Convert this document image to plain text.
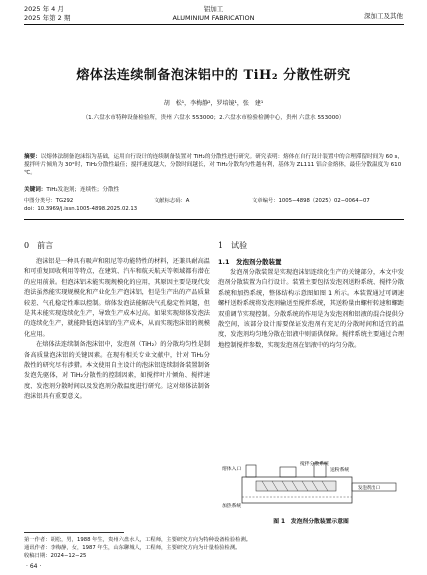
2025 年 4 月
2025 年第 2 期
铝加工
ALUMINIUM FABRICATION	深加工及其他
熔体法连续制备泡沫铝中的 TiH₂ 分散性研究
胡　松¹，李梅静²，罗培镜¹，张　建¹
（1.六盘水市特种设备检验所，贵州 六盘水 553000；2.六盘水市检验检测中心，贵州 六盘水 553000）
摘要：以熔体法制备泡沫铝为基础，运用自行设计的连续制备装置对 TiH₂的分散性进行研究。研究表明：熔体在自行设计装置中的合理滞留时间为 60 s，搅拌叶片倾角为 30°时，TiH₂分散性最佳；搅拌速度越大，分散时间越长，对 TiH₂分散均匀性越有利，基体为 ZL111 铝合金熔体，最佳分散温度为 610 ℃。
关键词：TiH₂发泡剂；连续性；分散性
中图分类号：TG292	文献标志码：A	文章编号：1005−4898（2025）02−0064−07
doi：10.3969/j.issn.1005-4898.2025.02.13
0　前言

泡沫铝是一种具有吸声和阻尼等功能特性的材料，还兼具耐高温和可重复回收利用等特点，在建筑、汽车和航天航天等领域都有潜在的应用前景。但泡沫铝未能实现规模化的应用，其原因主要是现代发泡法虽然能实现规模化和产业化生产泡沫铝，但是生产出的产品质量较差、气孔稳定性难以控制。熔体发泡法能解决气孔稳定性问题，但是其未能实现连续化生产，导致生产成本过高。如果实现熔体发泡法的连续化生产，就能降低泡沫铝的生产成本，从而实现泡沫铝的规模化应用。

在熔体法连续制备泡沫铝中，发泡剂（TiH₂）的分散均匀性是制备高质量泡沫铝的关键因素。在现有相关专业文献中，针对 TiH₂分散性的研究尽有涉猎。本文使用自主设计的泡沫铝连续制备装置制备发泡先驱体，对 TiH₂分散性的控制因素，如搅拌叶片倾角、搅拌速度、发泡剂分散时间以及发泡剂分散温度进行研究。这对熔体法制备泡沫铝具有重要意义。

1　试验
1.1　发泡剂分散装置

发泡剂分散装置是实现泡沫铝连续化生产的关键部分，本文中发泡剂分散装置为自行设计。装置主要包括发泡剂送粉系统、搅拌分散系统和加热系统，整体结构示意图如图 1 所示。本装置通过可调速螺杆送粉系统将发泡剂输送至搅拌系统，其送粉量由螺杆转速和螺距双重调节实现控制。分散系统的作用是为发泡剂和铝液的混合提供分散空间，该部分设计需要保证发泡剂有充足的分散时间和适宜的温度，发泡剂均匀地分散在铝液中则需供保障。搅拌系统主要通过合理地控制搅拌参数，实现发泡剂在铝液中的均匀分散。

熔体入口
搅拌分散系统
送粉系统
加热系统
发泡剂出口
图 1　发泡剂分散装置示意图
第一作者：胡松，男，1988 年生，贵州六盘水人，工程师，主要研究方向为特种设备检验检测。
通讯作者：李梅静，女，1987 年生，山东聊城人，工程师，主要研究方向为计量检验检测。
收稿日期：2024−12−25
· 64 ·
